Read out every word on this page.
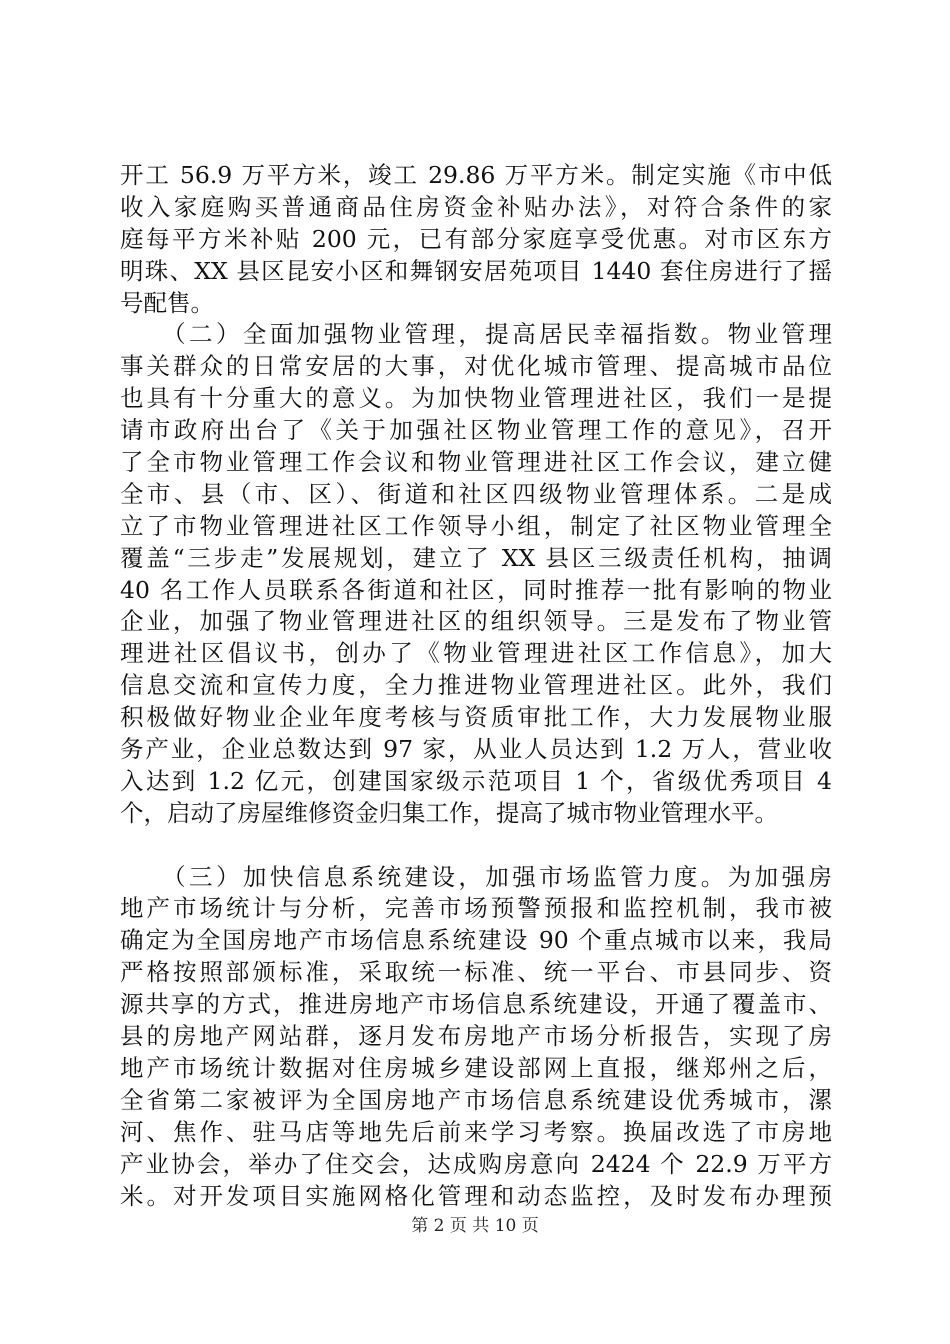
开工 56.9 万平方米，竣工 29.86 万平方米。制定实施《市中低
收入家庭购买普通商品住房资金补贴办法》，对符合条件的家
庭每平方米补贴 200 元，已有部分家庭享受优惠。对市区东方
明珠、XX 县区昆安小区和舞钢安居苑项目 1440 套住房进行了摇
号配售。
　　（二）全面加强物业管理，提高居民幸福指数。物业管理
事关群众的日常安居的大事，对优化城市管理、提高城市品位
也具有十分重大的意义。为加快物业管理进社区，我们一是提
请市政府出台了《关于加强社区物业管理工作的意见》，召开
了全市物业管理工作会议和物业管理进社区工作会议，建立健
全市、县（市、区）、街道和社区四级物业管理体系。二是成
立了市物业管理进社区工作领导小组，制定了社区物业管理全
覆盖“三步走”发展规划，建立了 XX 县区三级责任机构，抽调
40 名工作人员联系各街道和社区，同时推荐一批有影响的物业
企业，加强了物业管理进社区的组织领导。三是发布了物业管
理进社区倡议书，创办了《物业管理进社区工作信息》，加大
信息交流和宣传力度，全力推进物业管理进社区。此外，我们
积极做好物业企业年度考核与资质审批工作，大力发展物业服
务产业，企业总数达到 97 家，从业人员达到 1.2 万人，营业收
入达到 1.2 亿元，创建国家级示范项目 1 个，省级优秀项目 4
个，启动了房屋维修资金归集工作，提高了城市物业管理水平。
　　（三）加快信息系统建设，加强市场监管力度。为加强房
地产市场统计与分析，完善市场预警预报和监控机制，我市被
确定为全国房地产市场信息系统建设 90 个重点城市以来，我局
严格按照部颁标准，采取统一标准、统一平台、市县同步、资
源共享的方式，推进房地产市场信息系统建设，开通了覆盖市、
县的房地产网站群，逐月发布房地产市场分析报告，实现了房
地产市场统计数据对住房城乡建设部网上直报，继郑州之后，
全省第二家被评为全国房地产市场信息系统建设优秀城市，漯
河、焦作、驻马店等地先后前来学习考察。换届改选了市房地
产业协会，举办了住交会，达成购房意向 2424 个 22.9 万平方
米。对开发项目实施网格化管理和动态监控，及时发布办理预
第 2 页 共 10 页
